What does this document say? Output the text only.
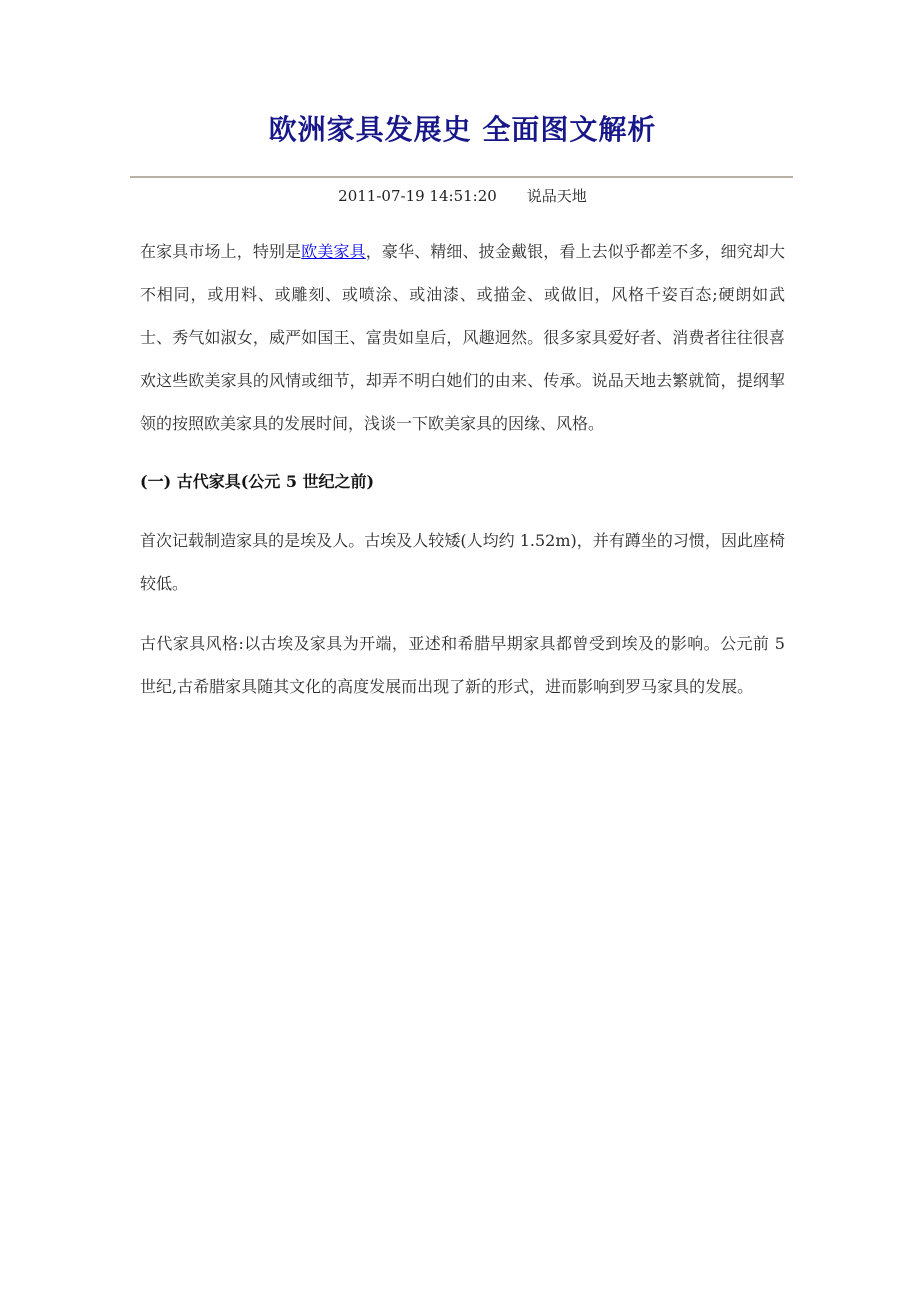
欧洲家具发展史 全面图文解析
2011-07-19 14:51:20 说品天地

在家具市场上，特别是欧美家具，豪华、精细、披金戴银，看上去似乎都差不多，细究却大不相同，或用料、或雕刻、或喷涂、或油漆、或描金、或做旧，风格千姿百态;硬朗如武士、秀气如淑女，威严如国王、富贵如皇后，风趣迥然。很多家具爱好者、消费者往往很喜欢这些欧美家具的风情或细节，却弄不明白她们的由来、传承。说品天地去繁就简，提纲挈领的按照欧美家具的发展时间，浅谈一下欧美家具的因缘、风格。

(一) 古代家具(公元 5 世纪之前)

首次记载制造家具的是埃及人。古埃及人较矮(人均约 1.52m)，并有蹲坐的习惯，因此座椅较低。

古代家具风格:以古埃及家具为开端，亚述和希腊早期家具都曾受到埃及的影响。公元前 5 世纪,古希腊家具随其文化的高度发展而出现了新的形式，进而影响到罗马家具的发展。
